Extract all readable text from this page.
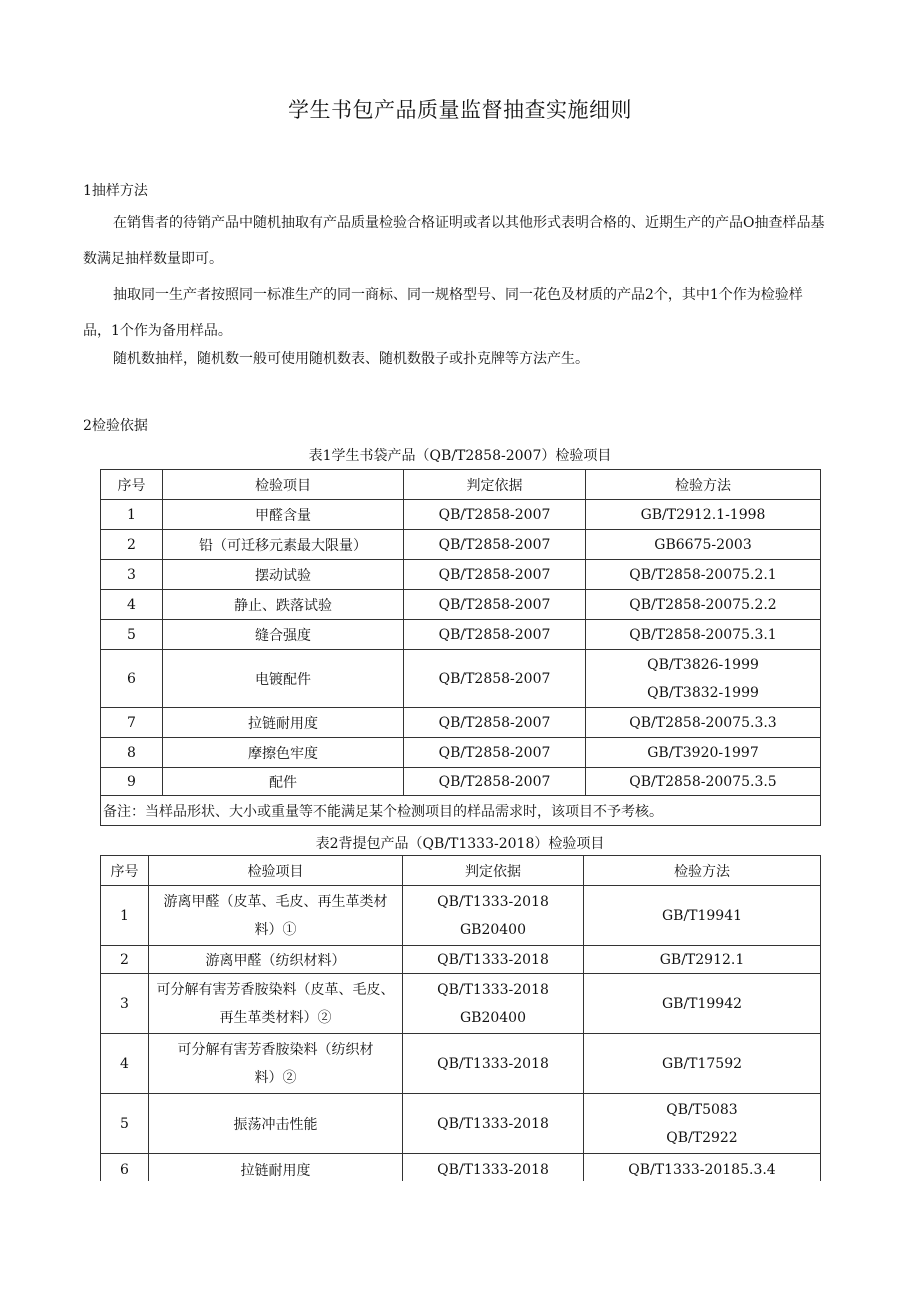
学生书包产品质量监督抽查实施细则
1抽样方法
在销售者的待销产品中随机抽取有产品质量检验合格证明或者以其他形式表明合格的、近期生产的产品O抽查样品基数满足抽样数量即可。
抽取同一生产者按照同一标准生产的同一商标、同一规格型号、同一花色及材质的产品2个，其中1个作为检验样品，1个作为备用样品。
随机数抽样，随机数一般可使用随机数表、随机数骰子或扑克牌等方法产生。
2检验依据
表1学生书袋产品（QB/T2858-2007）检验项目
序号	检验项目	判定依据	检验方法
1	甲醛含量	QB/T2858-2007	GB/T2912.1-1998
2	铅（可迁移元素最大限量）	QB/T2858-2007	GB6675-2003
3	摆动试验	QB/T2858-2007	QB/T2858-20075.2.1
4	静止、跌落试验	QB/T2858-2007	QB/T2858-20075.2.2
5	缝合强度	QB/T2858-2007	QB/T2858-20075.3.1
6	电镀配件	QB/T2858-2007	QB/T3826-1999
QB/T3832-1999

7	拉链耐用度	QB/T2858-2007	QB/T2858-20075.3.3
8	摩擦色牢度	QB/T2858-2007	GB/T3920-1997
9	配件	QB/T2858-2007	QB/T2858-20075.3.5
备注：当样品形状、大小或重量等不能满足某个检测项目的样品需求时，该项目不予考核。			
表2背提包产品（QB/T1333-2018）检验项目
序号	检验项目	判定依据	检验方法
1	游离甲醛（皮革、毛皮、再生革类材料）①	QB/T1333-2018
GB20400	GB/T19941
2	游离甲醛（纺织材料）	QB/T1333-2018	GB/T2912.1
3	可分解有害芳香胺染料（皮革、毛皮、再生革类材料）②	QB/T1333-2018
GB20400	GB/T19942
4	可分解有害芳香胺染料（纺织材料）②	QB/T1333-2018	GB/T17592
5	振荡冲击性能	QB/T1333-2018	QB/T5083
QB/T2922

6	拉链耐用度	QB/T1333-2018	QB/T1333-20185.3.4
